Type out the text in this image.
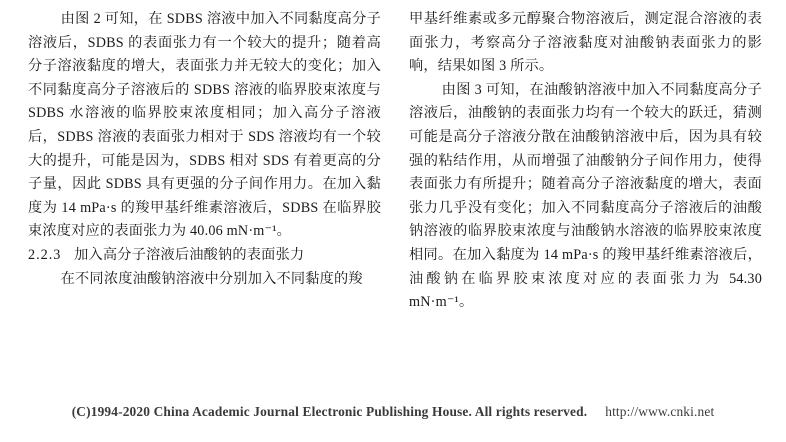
由图 2 可知，在 SDBS 溶液中加入不同黏度高分子溶液后，SDBS 的表面张力有一个较大的提升；随着高分子溶液黏度的增大，表面张力并无较大的变化；加入不同黏度高分子溶液后的 SDBS 溶液的临界胶束浓度与 SDBS 水溶液的临界胶束浓度相同；加入高分子溶液后，SDBS 溶液的表面张力相对于 SDS 溶液均有一个较大的提升，可能是因为，SDBS 相对 SDS 有着更高的分子量，因此 SDBS 具有更强的分子间作用力。在加入黏度为 14 mPa·s 的羧甲基纤维素溶液后，SDBS 在临界胶束浓度对应的表面张力为 40.06 mN·m⁻¹。

2.2.3 加入高分子溶液后油酸钠的表面张力

在不同浓度油酸钠溶液中分别加入不同黏度的羧

甲基纤维素或多元醇聚合物溶液后，测定混合溶液的表面张力，考察高分子溶液黏度对油酸钠表面张力的影响，结果如图 3 所示。

由图 3 可知，在油酸钠溶液中加入不同黏度高分子溶液后，油酸钠的表面张力均有一个较大的跃迁，猜测可能是高分子溶液分散在油酸钠溶液中后，因为具有较强的粘结作用，从而增强了油酸钠分子间作用力，使得表面张力有所提升；随着高分子溶液黏度的增大，表面张力几乎没有变化；加入不同黏度高分子溶液后的油酸钠溶液的临界胶束浓度与油酸钠水溶液的临界胶束浓度相同。在加入黏度为 14 mPa·s 的羧甲基纤维素溶液后，油酸钠在临界胶束浓度对应的表面张力为 54.30 mN·m⁻¹。

(C)1994-2020 China Academic Journal Electronic Publishing House. All rights reserved. http://www.cnki.net
